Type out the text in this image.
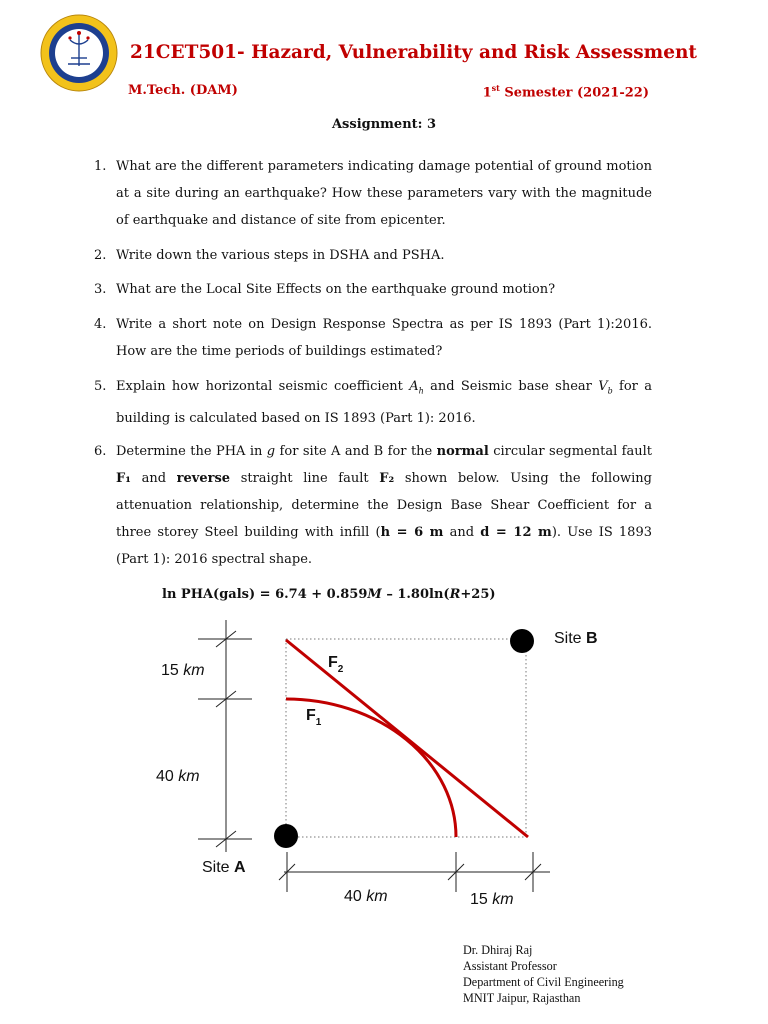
21CET501- Hazard, Vulnerability and Risk Assessment
M.Tech. (DAM)	1st Semester (2021-22)
Assignment: 3
1. What are the different parameters indicating damage potential of ground motion at a site during an earthquake? How these parameters vary with the magnitude of earthquake and distance of site from epicenter.
2. Write down the various steps in DSHA and PSHA.
3. What are the Local Site Effects on the earthquake ground motion?
4. Write a short note on Design Response Spectra as per IS 1893 (Part 1):2016. How are the time periods of buildings estimated?
5. Explain how horizontal seismic coefficient $A_h$ and Seismic base shear $V_b$ for a building is calculated based on IS 1893 (Part 1): 2016.
6. Determine the PHA in g for site A and B for the normal circular segmental fault F₁ and reverse straight line fault F₂ shown below. Using the following attenuation relationship, determine the Design Base Shear Coefficient for a three storey Steel building with infill (h = 6 m and d = 12 m). Use IS 1893 (Part 1): 2016 spectral shape.
ln PHA(gals) = 6.74 + 0.859M – 1.80ln(R+25)
Site B
Site A
$F_2$
$F_1$
15 km
40 km
40 km	15 km
Dr. Dhiraj Raj
Assistant Professor
Department of Civil Engineering
MNIT Jaipur, Rajasthan
